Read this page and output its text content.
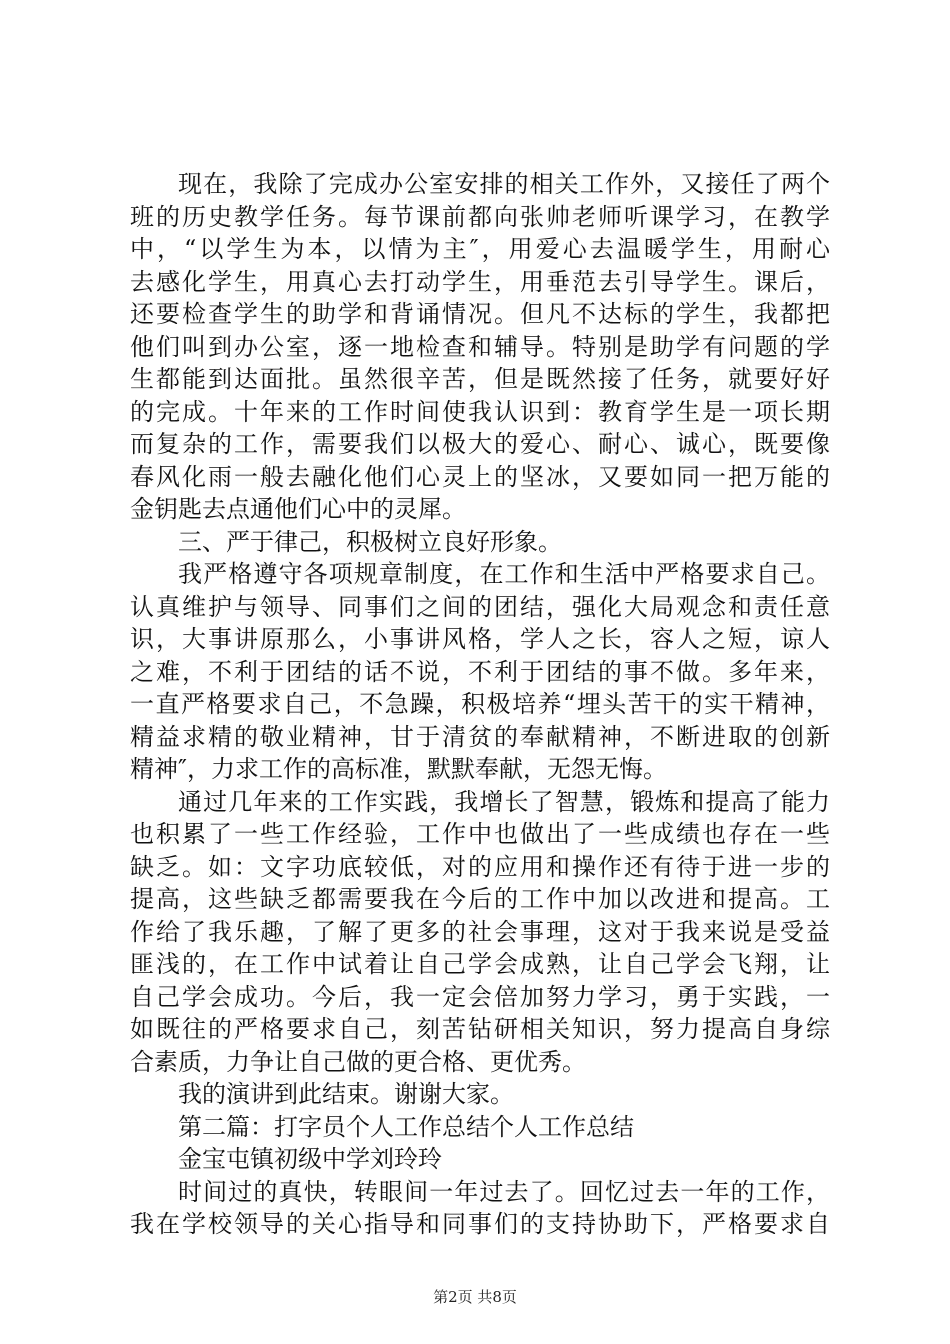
现在，我除了完成办公室安排的相关工作外，又接任了两个
班的历史教学任务。每节课前都向张帅老师听课学习，在教学
中，“以学生为本，以情为主″，用爱心去温暖学生，用耐心
去感化学生，用真心去打动学生，用垂范去引导学生。课后，
还要检查学生的助学和背诵情况。但凡不达标的学生，我都把
他们叫到办公室，逐一地检查和辅导。特别是助学有问题的学
生都能到达面批。虽然很辛苦，但是既然接了任务，就要好好
的完成。十年来的工作时间使我认识到：教育学生是一项长期
而复杂的工作，需要我们以极大的爱心、耐心、诚心，既要像
春风化雨一般去融化他们心灵上的坚冰，又要如同一把万能的
金钥匙去点通他们心中的灵犀。
三、严于律己，积极树立良好形象。
我严格遵守各项规章制度，在工作和生活中严格要求自己。
认真维护与领导、同事们之间的团结，强化大局观念和责任意
识，大事讲原那么，小事讲风格，学人之长，容人之短，谅人
之难，不利于团结的话不说，不利于团结的事不做。多年来，
一直严格要求自己，不急躁，积极培养“埋头苦干的实干精神，
精益求精的敬业精神，甘于清贫的奉献精神，不断进取的创新
精神″，力求工作的高标准，默默奉献，无怨无悔。
通过几年来的工作实践，我增长了智慧，锻炼和提高了能力
也积累了一些工作经验，工作中也做出了一些成绩也存在一些
缺乏。如：文字功底较低，对的应用和操作还有待于进一步的
提高，这些缺乏都需要我在今后的工作中加以改进和提高。工
作给了我乐趣，了解了更多的社会事理，这对于我来说是受益
匪浅的，在工作中试着让自己学会成熟，让自己学会飞翔，让
自己学会成功。今后，我一定会倍加努力学习，勇于实践，一
如既往的严格要求自己，刻苦钻研相关知识，努力提高自身综
合素质，力争让自己做的更合格、更优秀。
我的演讲到此结束。谢谢大家。
第二篇：打字员个人工作总结个人工作总结
金宝屯镇初级中学刘玲玲
时间过的真快，转眼间一年过去了。回忆过去一年的工作，
我在学校领导的关心指导和同事们的支持协助下，严格要求自
第2页 共8页
